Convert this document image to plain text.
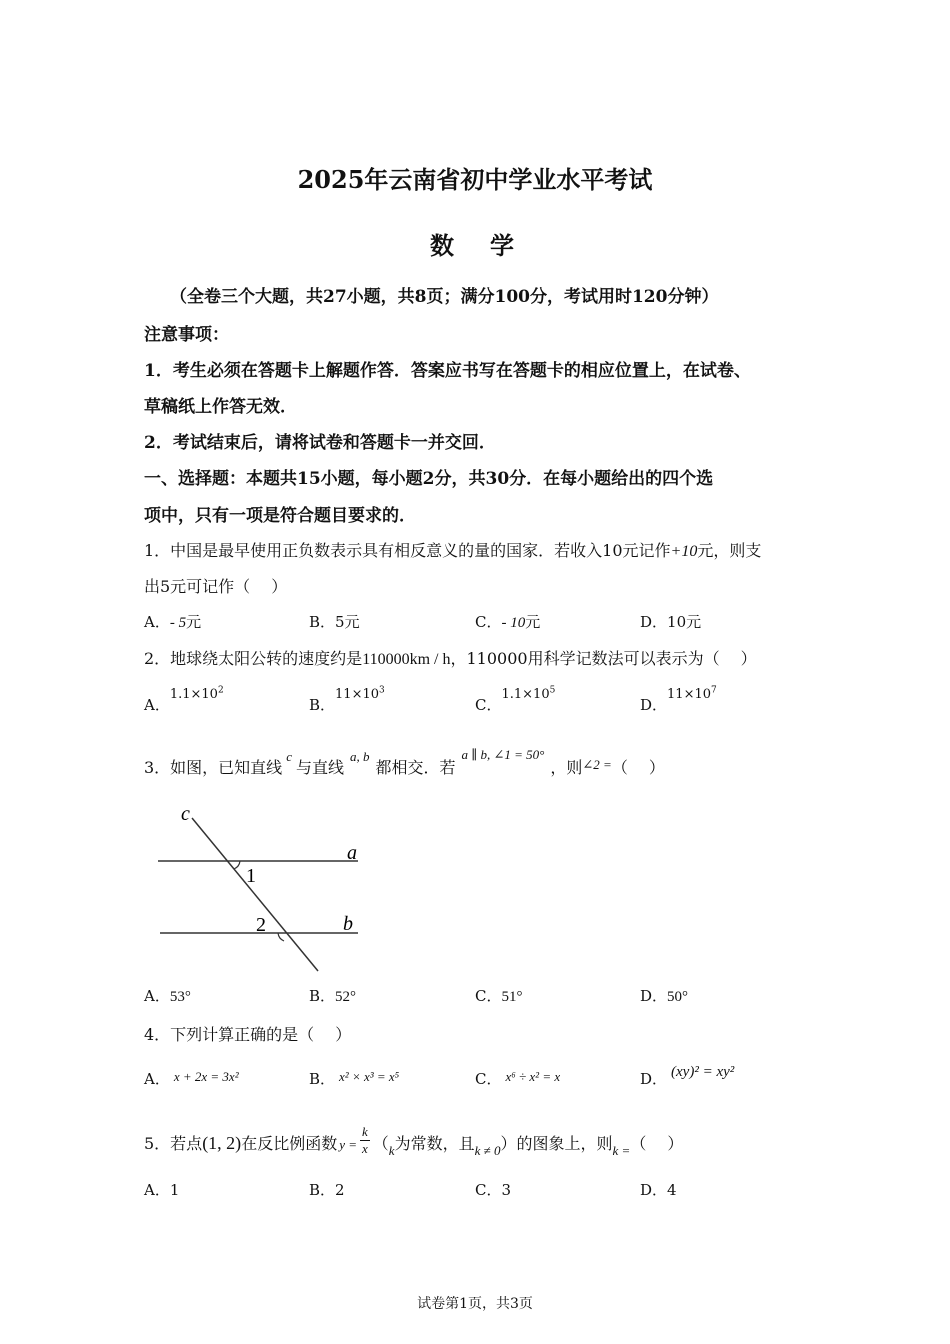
2025年云南省初中学业水平考试
数　学
（全卷三个大题，共27小题，共8页；满分100分，考试用时120分钟）
注意事项：
1．考生必须在答题卡上解题作答．答案应书写在答题卡的相应位置上，在试卷、
草稿纸上作答无效．
2．考试结束后，请将试卷和答题卡一并交回．
一、选择题：本题共15小题，每小题2分，共30分．在每小题给出的四个选
项中，只有一项是符合题目要求的．
1．中国是最早使用正负数表示具有相反意义的量的国家．若收入10元记作+10元，则支
出5元可记作（　 ）
A．- 5元	B．5元	C．- 10元	D．10元
2．地球绕太阳公转的速度约是110000km / h，110000用科学记数法可以表示为（　 ）
A．$1.1\times 10^2$
B．$11\times 10^3$
C．$1.1\times 10^5$
D．$11\times 10^7$
3．如图，已知直线$^c$与直线$^{a, b}$都相交．若$^{a \parallel b, \angle 1 = 50^\circ}$，则$^{\angle 2 =}$（　 ）
c
a
b
1
2
A．53°	B．52°	C．51°	D．50°
4．下列计算正确的是（　 ）
A． x + 2x = 3x²	B． x² × x³ = x⁵	C． x⁶ ÷ x² = x	D． (xy)² = xy²
5．若点(1, 2)在反比例函数 $y = \frac{k}{x} (_k$为常数，且$_{k \ne 0}$）的图象上，则$_{k =}$（　 ）
A．1	B．2	C．3	D．4
试卷第1页，共3页
